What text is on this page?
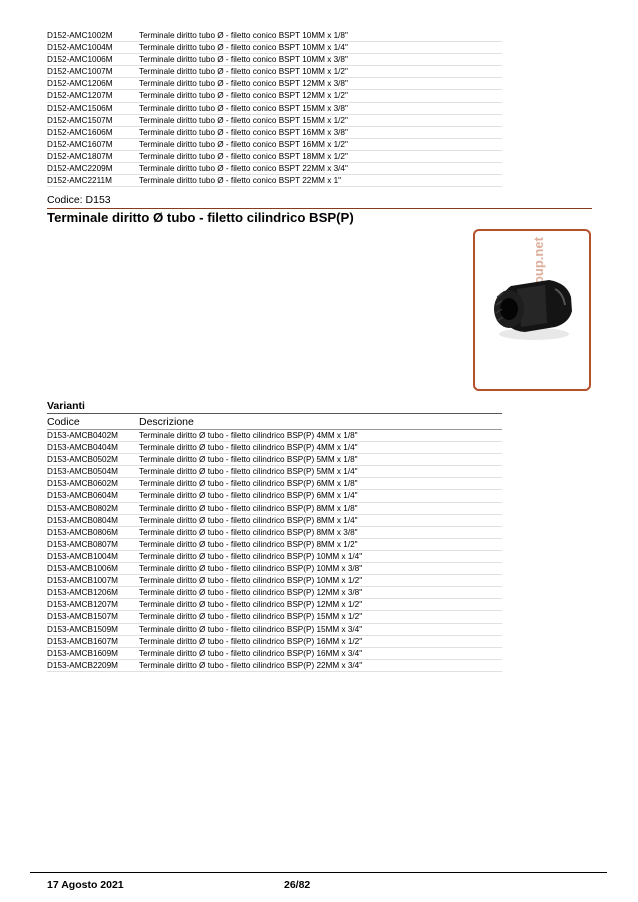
D152-AMC1002M	Terminale diritto tubo Ø - filetto conico BSPT 10MM x 1/8"
D152-AMC1004M	Terminale diritto tubo Ø - filetto conico BSPT 10MM x 1/4"
D152-AMC1006M	Terminale diritto tubo Ø - filetto conico BSPT 10MM x 3/8"
D152-AMC1007M	Terminale diritto tubo Ø - filetto conico BSPT 10MM x 1/2"
D152-AMC1206M	Terminale diritto tubo Ø - filetto conico BSPT 12MM x 3/8"
D152-AMC1207M	Terminale diritto tubo Ø - filetto conico BSPT 12MM x 1/2"
D152-AMC1506M	Terminale diritto tubo Ø - filetto conico BSPT 15MM x 3/8"
D152-AMC1507M	Terminale diritto tubo Ø - filetto conico BSPT 15MM x 1/2"
D152-AMC1606M	Terminale diritto tubo Ø - filetto conico BSPT 16MM x 3/8"
D152-AMC1607M	Terminale diritto tubo Ø - filetto conico BSPT 16MM x 1/2"
D152-AMC1807M	Terminale diritto tubo Ø - filetto conico BSPT 18MM x 1/2"
D152-AMC2209M	Terminale diritto tubo Ø - filetto conico BSPT 22MM x 3/4"
D152-AMC2211M	Terminale diritto tubo Ø - filetto conico BSPT 22MM x 1"
Codice: D153
Terminale diritto Ø tubo - filetto cilindrico BSP(P)
Varianti
Codice	Descrizione
D153-AMCB0402M	Terminale diritto Ø tubo - filetto cilindrico BSP(P) 4MM x 1/8"
D153-AMCB0404M	Terminale diritto Ø tubo - filetto cilindrico BSP(P) 4MM x 1/4"
D153-AMCB0502M	Terminale diritto Ø tubo - filetto cilindrico BSP(P) 5MM x 1/8"
D153-AMCB0504M	Terminale diritto Ø tubo - filetto cilindrico BSP(P) 5MM x 1/4"
D153-AMCB0602M	Terminale diritto Ø tubo - filetto cilindrico BSP(P) 6MM x 1/8"
D153-AMCB0604M	Terminale diritto Ø tubo - filetto cilindrico BSP(P) 6MM x 1/4"
D153-AMCB0802M	Terminale diritto Ø tubo - filetto cilindrico BSP(P) 8MM x 1/8"
D153-AMCB0804M	Terminale diritto Ø tubo - filetto cilindrico BSP(P) 8MM x 1/4"
D153-AMCB0806M	Terminale diritto Ø tubo - filetto cilindrico BSP(P) 8MM x 3/8"
D153-AMCB0807M	Terminale diritto Ø tubo - filetto cilindrico BSP(P) 8MM x 1/2"
D153-AMCB1004M	Terminale diritto Ø tubo - filetto cilindrico BSP(P) 10MM x 1/4"
D153-AMCB1006M	Terminale diritto Ø tubo - filetto cilindrico BSP(P) 10MM x 3/8"
D153-AMCB1007M	Terminale diritto Ø tubo - filetto cilindrico BSP(P) 10MM x 1/2"
D153-AMCB1206M	Terminale diritto Ø tubo - filetto cilindrico BSP(P) 12MM x 3/8"
D153-AMCB1207M	Terminale diritto Ø tubo - filetto cilindrico BSP(P) 12MM x 1/2"
D153-AMCB1507M	Terminale diritto Ø tubo - filetto cilindrico BSP(P) 15MM x 1/2"
D153-AMCB1509M	Terminale diritto Ø tubo - filetto cilindrico BSP(P) 15MM x 3/4"
D153-AMCB1607M	Terminale diritto Ø tubo - filetto cilindrico BSP(P) 16MM x 1/2"
D153-AMCB1609M	Terminale diritto Ø tubo - filetto cilindrico BSP(P) 16MM x 3/4"
D153-AMCB2209M	Terminale diritto Ø tubo - filetto cilindrico BSP(P) 22MM x 3/4"
17 Agosto 2021	26/82
